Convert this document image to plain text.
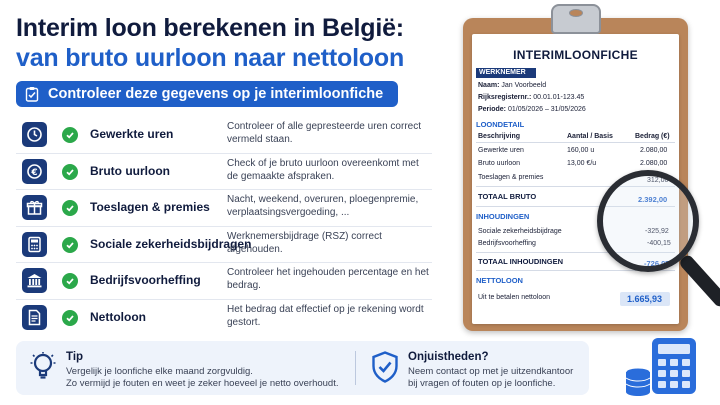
Interim loon berekenen in België:
van bruto uurloon naar nettoloon
Controleer deze gegevens op je interimloonfiche
Gewerkte uren
Controleer of alle gepresteerde uren correct vermeld staan.
€	Bruto uurloon
Check of je bruto uurloon overeenkomt met de gemaakte afspraken.
Toeslagen & premies
Nacht, weekend, overuren, ploegenpremie, verplaatsingsvergoeding, ...
Sociale zekerheidsbijdragen
Werknemersbijdrage (RSZ) correct afgehouden.
Bedrijfsvoorheffing
Controleer het ingehouden percentage en het bedrag.
Nettoloon
Het bedrag dat effectief op je rekening wordt gestort.
Tip
Vergelijk je loonfiche elke maand zorgvuldig.
Zo vermijd je fouten en weet je zeker hoeveel je netto overhoudt.
Onjuistheden?
Neem contact op met je uitzendkantoor
bij vragen of fouten op je loonfiche.
INTERIMLOONFICHE
WERKNEMER
Naam: Jan Voorbeeld
Rijksregisternr.: 00.01.01-123.45
Periode: 01/05/2026 – 31/05/2026
LOONDETAIL
Beschrijving	Aantal / Basis	Bedrag (€)
Gewerkte uren	160,00 u	2.080,00
Bruto uurloon	13,00 €/u	2.080,00
Toeslagen & premies	312,00
TOTAAL BRUTO	2.392,00
INHOUDINGEN
Sociale zekerheidsbijdrage	-325,92
Bedrijfsvoorheffing	-400,15
TOTAAL INHOUDINGEN	-726,07
NETTOLOON
Uit te betalen nettoloon	1.665,93
